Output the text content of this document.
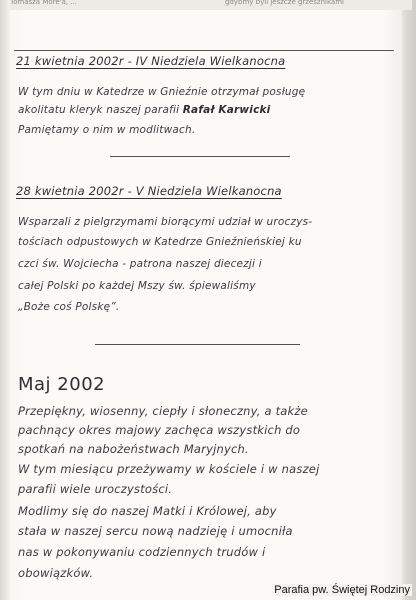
Tomasza More'a, ...	gdybmy byli jeszcze grzesznikami
21 kwietnia 2002r - IV Niedziela Wielkanocna
W tym dniu w Katedrze w Gnieźnie otrzymał posługę
akolitatu kleryk naszej parafii Rafał Karwicki
Pamiętamy o nim w modlitwach.
28 kwietnia 2002r - V Niedziela Wielkanocna
Wsparzali z pielgrzymami biorącymi udział w uroczys-
tościach odpustowych w Katedrze Gnieźnieńskiej ku
czci św. Wojciecha - patrona naszej diecezji i
całej Polski po każdej Mszy św. śpiewaliśmy
„Boże coś Polskę”.
Maj 2002
Przepiękny, wiosenny, ciepły i słoneczny, a także
pachnący okres majowy zachęca wszystkich do
spotkań na nabożeństwach Maryjnych.
W tym miesiącu przeżywamy w kościele i w naszej
parafii wiele uroczystości.
Modlimy się do naszej Matki i Królowej, aby
stała w naszej sercu nową nadzieję i umocniła
nas w pokonywaniu codziennych trudów i
obowiązków.
Parafia pw. Świętej Rodziny
